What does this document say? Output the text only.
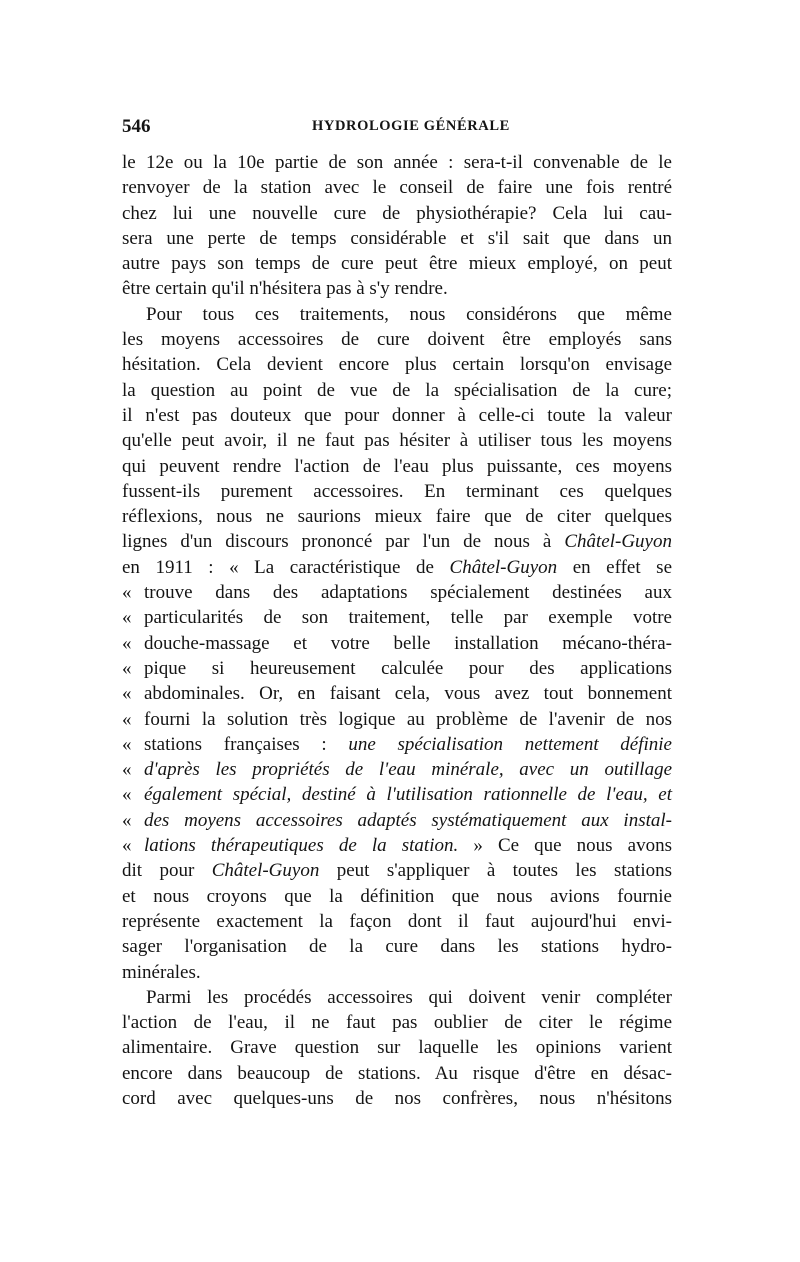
546	HYDROLOGIE GÉNÉRALE
le 12e ou la 10e partie de son année : sera-t-il convenable de le
renvoyer de la station avec le conseil de faire une fois rentré
chez lui une nouvelle cure de physiothérapie? Cela lui cau-
sera une perte de temps considérable et s'il sait que dans un
autre pays son temps de cure peut être mieux employé, on peut
être certain qu'il n'hésitera pas à s'y rendre.
Pour tous ces traitements, nous considérons que même
les moyens accessoires de cure doivent être employés sans
hésitation. Cela devient encore plus certain lorsqu'on envisage
la question au point de vue de la spécialisation de la cure;
il n'est pas douteux que pour donner à celle-ci toute la valeur
qu'elle peut avoir, il ne faut pas hésiter à utiliser tous les moyens
qui peuvent rendre l'action de l'eau plus puissante, ces moyens
fussent-ils purement accessoires. En terminant ces quelques
réflexions, nous ne saurions mieux faire que de citer quelques
lignes d'un discours prononcé par l'un de nous à Châtel-Guyon
en 1911 : « La caractéristique de Châtel-Guyon en effet se
« trouve dans des adaptations spécialement destinées aux
« particularités de son traitement, telle par exemple votre
« douche-massage et votre belle installation mécano-théra-
« pique si heureusement calculée pour des applications
« abdominales. Or, en faisant cela, vous avez tout bonnement
« fourni la solution très logique au problème de l'avenir de nos
« stations françaises : une spécialisation nettement définie
« d'après les propriétés de l'eau minérale, avec un outillage
« également spécial, destiné à l'utilisation rationnelle de l'eau, et
« des moyens accessoires adaptés systématiquement aux instal-
« lations thérapeutiques de la station. » Ce que nous avons
dit pour Châtel-Guyon peut s'appliquer à toutes les stations
et nous croyons que la définition que nous avions fournie
représente exactement la façon dont il faut aujourd'hui envi-
sager l'organisation de la cure dans les stations hydro-
minérales.
Parmi les procédés accessoires qui doivent venir compléter
l'action de l'eau, il ne faut pas oublier de citer le régime
alimentaire. Grave question sur laquelle les opinions varient
encore dans beaucoup de stations. Au risque d'être en désac-
cord avec quelques-uns de nos confrères, nous n'hésitons
